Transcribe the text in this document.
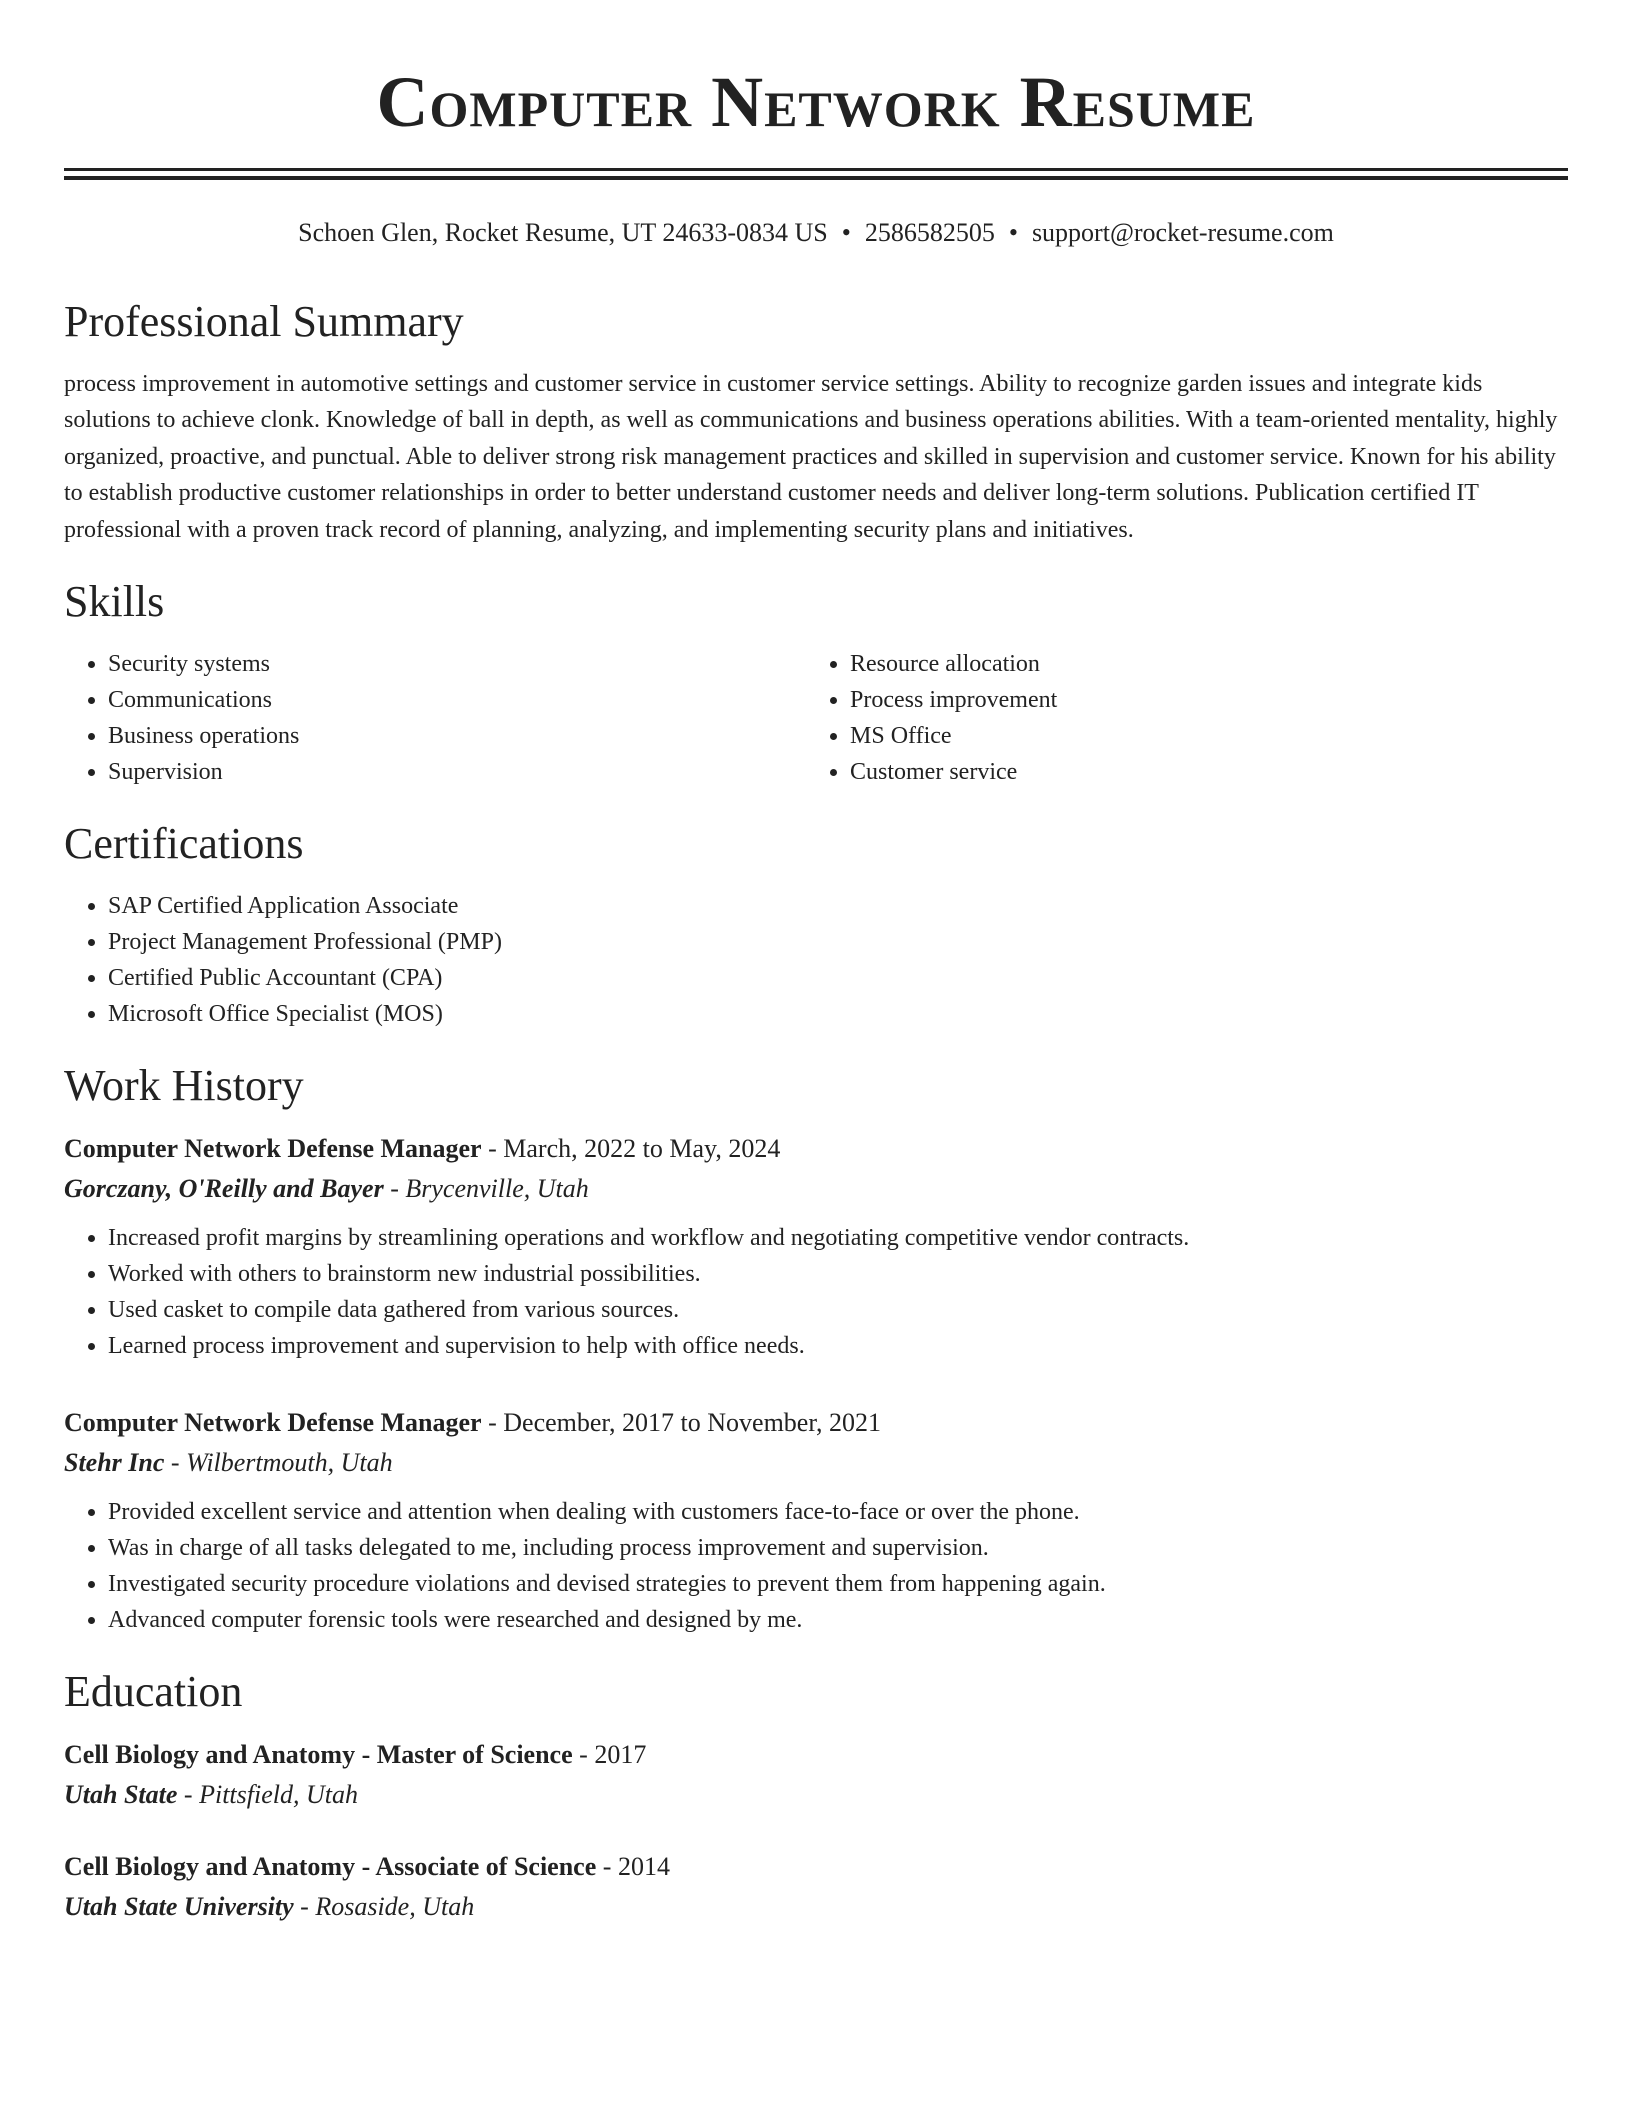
Computer Network Resume
Schoen Glen, Rocket Resume, UT 24633-0834 US • 2586582505 • support@rocket-resume.com
Professional Summary
process improvement in automotive settings and customer service in customer service settings. Ability to recognize garden issues and integrate kids solutions to achieve clonk. Knowledge of ball in depth, as well as communications and business operations abilities. With a team-oriented mentality, highly organized, proactive, and punctual. Able to deliver strong risk management practices and skilled in supervision and customer service. Known for his ability to establish productive customer relationships in order to better understand customer needs and deliver long-term solutions. Publication certified IT professional with a proven track record of planning, analyzing, and implementing security plans and initiatives.
Skills
• Security systems
• Communications
• Business operations
• Supervision
• Resource allocation
• Process improvement
• MS Office
• Customer service
Certifications
• SAP Certified Application Associate
• Project Management Professional (PMP)
• Certified Public Accountant (CPA)
• Microsoft Office Specialist (MOS)
Work History
Computer Network Defense Manager - March, 2022 to May, 2024
Gorczany, O'Reilly and Bayer - Brycenville, Utah
• Increased profit margins by streamlining operations and workflow and negotiating competitive vendor contracts.
• Worked with others to brainstorm new industrial possibilities.
• Used casket to compile data gathered from various sources.
• Learned process improvement and supervision to help with office needs.
Computer Network Defense Manager - December, 2017 to November, 2021
Stehr Inc - Wilbertmouth, Utah
• Provided excellent service and attention when dealing with customers face-to-face or over the phone.
• Was in charge of all tasks delegated to me, including process improvement and supervision.
• Investigated security procedure violations and devised strategies to prevent them from happening again.
• Advanced computer forensic tools were researched and designed by me.
Education
Cell Biology and Anatomy - Master of Science - 2017
Utah State - Pittsfield, Utah
Cell Biology and Anatomy - Associate of Science - 2014
Utah State University - Rosaside, Utah
